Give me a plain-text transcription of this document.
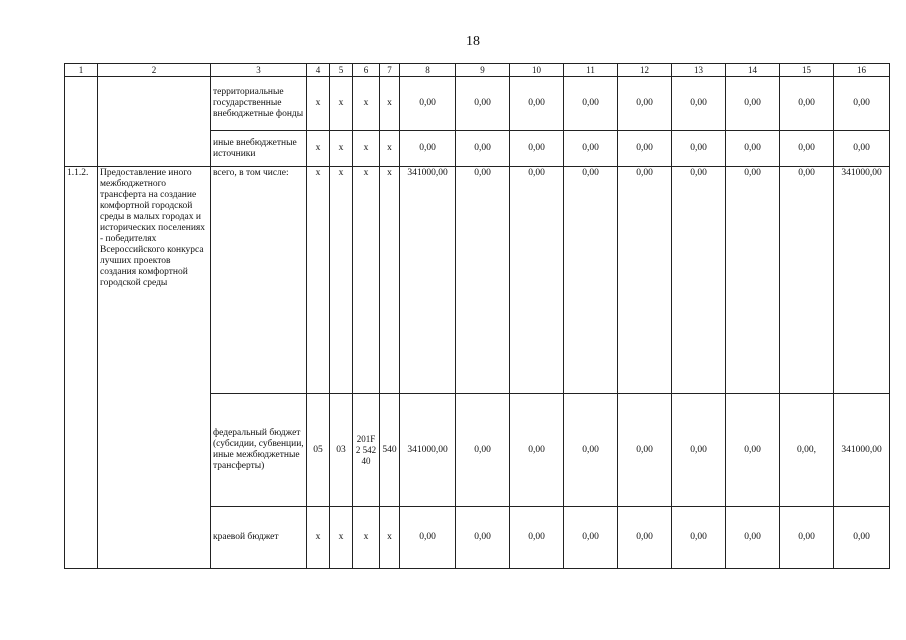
18
1	2	3	4	5	6	7	8	9	10	11	12	13	14	15	16
		территориальные государственные внебюджетные фонды	х	х	х	х	0,00	0,00	0,00	0,00	0,00	0,00	0,00	0,00	0,00
		иные внебюджетные источники	х	х	х	х	0,00	0,00	0,00	0,00	0,00	0,00	0,00	0,00	0,00
1.1.2.	Предоставление иного межбюджетного трансферта на создание комфортной городской среды в малых городах и исторических поселениях - победителях Всероссийского конкурса лучших проектов создания комфортной городской среды	всего, в том числе:	х	х	х	х	341000,00	0,00	0,00	0,00	0,00	0,00	0,00	0,00	341000,00
		федеральный бюджет (субсидии, субвенции, иные межбюджетные трансферты)	05	03	201F2 54240	540	341000,00	0,00	0,00	0,00	0,00	0,00	0,00	0,00,	341000,00
		краевой бюджет	х	х	х	х	0,00	0,00	0,00	0,00	0,00	0,00	0,00	0,00	0,00
